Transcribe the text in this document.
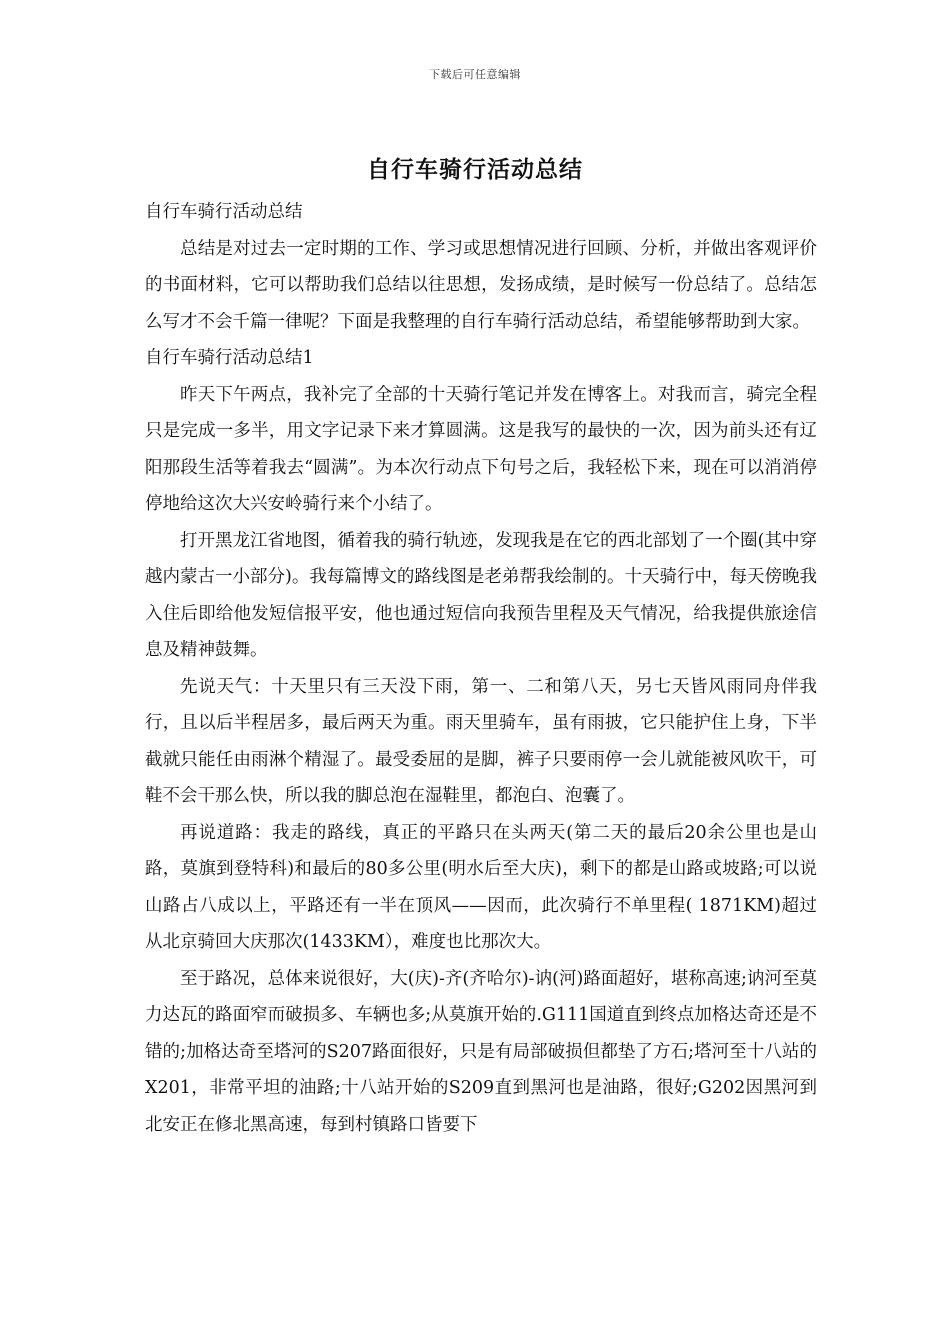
下载后可任意编辑
自行车骑行活动总结

自行车骑行活动总结

总结是对过去一定时期的工作、学习或思想情况进行回顾、分析，并做出客观评价的书面材料，它可以帮助我们总结以往思想，发扬成绩，是时候写一份总结了。总结怎么写才不会千篇一律呢？下面是我整理的自行车骑行活动总结，希望能够帮助到大家。

自行车骑行活动总结1

昨天下午两点，我补完了全部的十天骑行笔记并发在博客上。对我而言，骑完全程只是完成一多半，用文字记录下来才算圆满。这是我写的最快的一次，因为前头还有辽阳那段生活等着我去“圆满”。为本次行动点下句号之后，我轻松下来，现在可以消消停停地给这次大兴安岭骑行来个小结了。

打开黑龙江省地图，循着我的骑行轨迹，发现我是在它的西北部划了一个圈(其中穿越内蒙古一小部分)。我每篇博文的路线图是老弟帮我绘制的。十天骑行中，每天傍晚我入住后即给他发短信报平安，他也通过短信向我预告里程及天气情况，给我提供旅途信息及精神鼓舞。

先说天气：十天里只有三天没下雨，第一、二和第八天，另七天皆风雨同舟伴我行，且以后半程居多，最后两天为重。雨天里骑车，虽有雨披，它只能护住上身，下半截就只能任由雨淋个精湿了。最受委屈的是脚，裤子只要雨停一会儿就能被风吹干，可鞋不会干那么快，所以我的脚总泡在湿鞋里，都泡白、泡囊了。

再说道路：我走的路线，真正的平路只在头两天(第二天的最后20余公里也是山路，莫旗到登特科)和最后的80多公里(明水后至大庆)，剩下的都是山路或坡路;可以说山路占八成以上，平路还有一半在顶风——因而，此次骑行不单里程( 1871KM)超过从北京骑回大庆那次(1433KM），难度也比那次大。

至于路况，总体来说很好，大(庆)-齐(齐哈尔)-讷(河)路面超好，堪称高速;讷河至莫力达瓦的路面窄而破损多、车辆也多;从莫旗开始的.G111国道直到终点加格达奇还是不错的;加格达奇至塔河的S207路面很好，只是有局部破损但都垫了方石;塔河至十八站的X201，非常平坦的油路;十八站开始的S209直到黑河也是油路，很好;G202因黑河到北安正在修北黑高速，每到村镇路口皆要下
